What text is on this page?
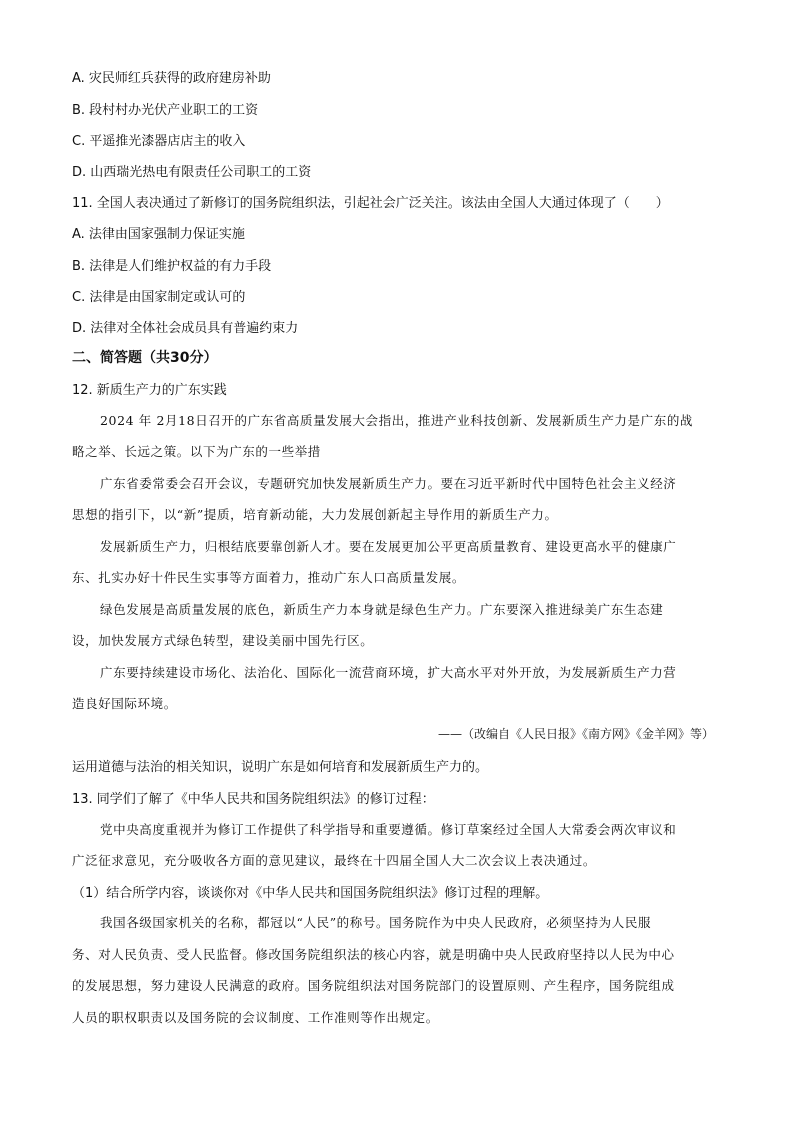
A. 灾民师红兵获得的政府建房补助
B. 段村村办光伏产业职工的工资
C. 平遥推光漆器店店主的收入
D. 山西瑞光热电有限责任公司职工的工资
11. 全国人表决通过了新修订的国务院组织法，引起社会广泛关注。该法由全国人大通过体现了（　　）
A. 法律由国家强制力保证实施
B. 法律是人们维护权益的有力手段
C. 法律是由国家制定或认可的
D. 法律对全体社会成员具有普遍约束力
二、简答题（共30分）
12. 新质生产力的广东实践
2024 年 2月18日召开的广东省高质量发展大会指出，推进产业科技创新、发展新质生产力是广东的战
略之举、长远之策。以下为广东的一些举措
广东省委常委会召开会议，专题研究加快发展新质生产力。要在习近平新时代中国特色社会主义经济
思想的指引下，以“新”提质，培育新动能，大力发展创新起主导作用的新质生产力。
发展新质生产力，归根结底要靠创新人才。要在发展更加公平更高质量教育、建设更高水平的健康广
东、扎实办好十件民生实事等方面着力，推动广东人口高质量发展。
绿色发展是高质量发展的底色，新质生产力本身就是绿色生产力。广东要深入推进绿美广东生态建
设，加快发展方式绿色转型，建设美丽中国先行区。
广东要持续建设市场化、法治化、国际化一流营商环境，扩大高水平对外开放，为发展新质生产力营
造良好国际环境。
——（改编自《人民日报》《南方网》《金羊网》等）
运用道德与法治的相关知识，说明广东是如何培育和发展新质生产力的。
13. 同学们了解了《中华人民共和国务院组织法》的修订过程：
党中央高度重视并为修订工作提供了科学指导和重要遵循。修订草案经过全国人大常委会两次审议和
广泛征求意见，充分吸收各方面的意见建议，最终在十四届全国人大二次会议上表决通过。
（1）结合所学内容，谈谈你对《中华人民共和国国务院组织法》修订过程的理解。
我国各级国家机关的名称，都冠以“人民”的称号。国务院作为中央人民政府，必须坚持为人民服
务、对人民负责、受人民监督。修改国务院组织法的核心内容，就是明确中央人民政府坚持以人民为中心
的发展思想，努力建设人民满意的政府。国务院组织法对国务院部门的设置原则、产生程序，国务院组成
人员的职权职责以及国务院的会议制度、工作准则等作出规定。
